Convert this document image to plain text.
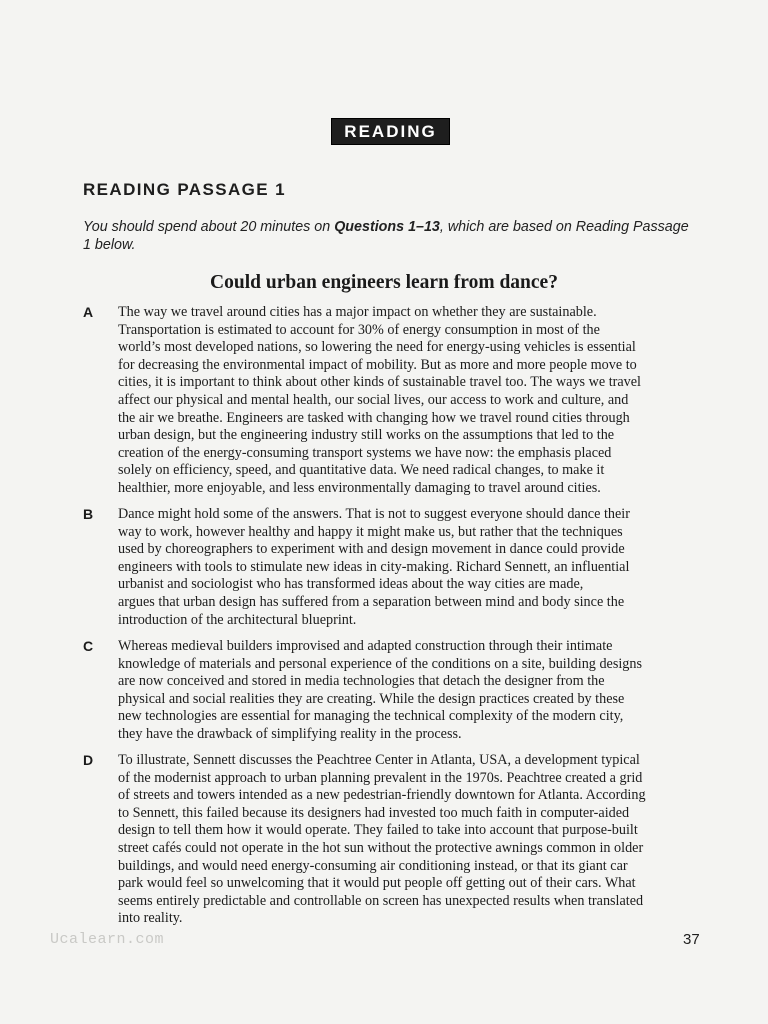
READING
READING PASSAGE 1
You should spend about 20 minutes on Questions 1–13, which are based on Reading Passage 1 below.
Could urban engineers learn from dance?
A The way we travel around cities has a major impact on whether they are sustainable.
Transportation is estimated to account for 30% of energy consumption in most of the
world’s most developed nations, so lowering the need for energy-using vehicles is essential
for decreasing the environmental impact of mobility. But as more and more people move to
cities, it is important to think about other kinds of sustainable travel too. The ways we travel
affect our physical and mental health, our social lives, our access to work and culture, and
the air we breathe. Engineers are tasked with changing how we travel round cities through
urban design, but the engineering industry still works on the assumptions that led to the
creation of the energy-consuming transport systems we have now: the emphasis placed
solely on efficiency, speed, and quantitative data. We need radical changes, to make it
healthier, more enjoyable, and less environmentally damaging to travel around cities.
B Dance might hold some of the answers. That is not to suggest everyone should dance their
way to work, however healthy and happy it might make us, but rather that the techniques
used by choreographers to experiment with and design movement in dance could provide
engineers with tools to stimulate new ideas in city-making. Richard Sennett, an influential
urbanist and sociologist who has transformed ideas about the way cities are made,
argues that urban design has suffered from a separation between mind and body since the
introduction of the architectural blueprint.
C Whereas medieval builders improvised and adapted construction through their intimate
knowledge of materials and personal experience of the conditions on a site, building designs
are now conceived and stored in media technologies that detach the designer from the
physical and social realities they are creating. While the design practices created by these
new technologies are essential for managing the technical complexity of the modern city,
they have the drawback of simplifying reality in the process.
D To illustrate, Sennett discusses the Peachtree Center in Atlanta, USA, a development typical
of the modernist approach to urban planning prevalent in the 1970s. Peachtree created a grid
of streets and towers intended as a new pedestrian-friendly downtown for Atlanta. According
to Sennett, this failed because its designers had invested too much faith in computer-aided
design to tell them how it would operate. They failed to take into account that purpose-built
street cafés could not operate in the hot sun without the protective awnings common in older
buildings, and would need energy-consuming air conditioning instead, or that its giant car
park would feel so unwelcoming that it would put people off getting out of their cars. What
seems entirely predictable and controllable on screen has unexpected results when translated
into reality.
Ucalearn.com	37
